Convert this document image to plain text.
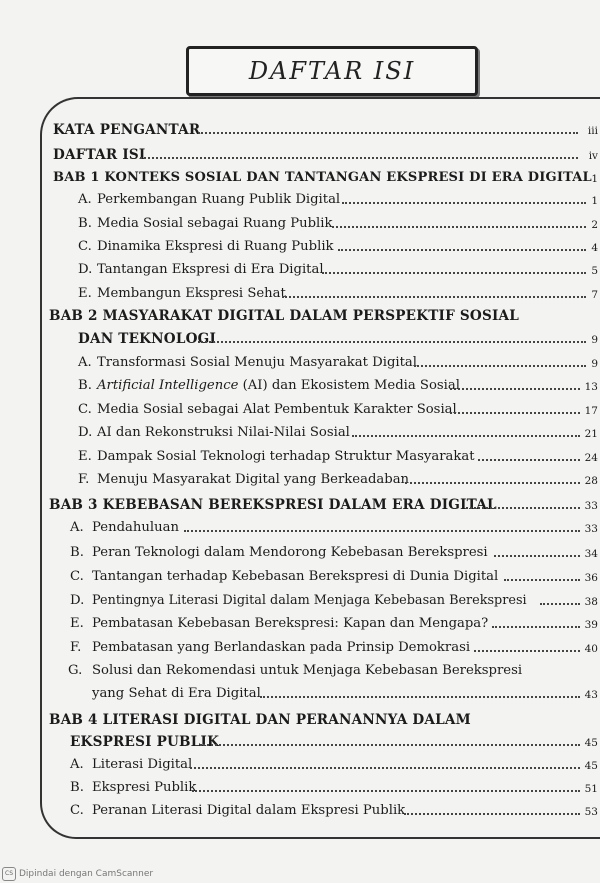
DAFTAR ISI
KATA PENGANTAR	iii
DAFTAR ISI	iv
BAB 1 KONTEKS SOSIAL DAN TANTANGAN EKSPRESI DI ERA DIGITAL 1
A. Perkembangan Ruang Publik Digital	1
B. Media Sosial sebagai Ruang Publik	2
C. Dinamika Ekspresi di Ruang Publik	4
D. Tantangan Ekspresi di Era Digital	5
E. Membangun Ekspresi Sehat	7
BAB 2 MASYARAKAT DIGITAL DALAM PERSPEKTIF SOSIAL
DAN TEKNOLOGI	9
A. Transformasi Sosial Menuju Masyarakat Digital	9
B. Artificial Intelligence (AI) dan Ekosistem Media Sosial	13
C. Media Sosial sebagai Alat Pembentuk Karakter Sosial	17
D. AI dan Rekonstruksi Nilai-Nilai Sosial	21
E. Dampak Sosial Teknologi terhadap Struktur Masyarakat	24
F. Menuju Masyarakat Digital yang Berkeadaban	28
BAB 3 KEBEBASAN BEREKSPRESI DALAM ERA DIGITAL	33
A. Pendahuluan	33
B. Peran Teknologi dalam Mendorong Kebebasan Berekspresi	34
C. Tantangan terhadap Kebebasan Berekspresi di Dunia Digital	36
D. Pentingnya Literasi Digital dalam Menjaga Kebebasan Berekspresi	38
E. Pembatasan Kebebasan Berekspresi: Kapan dan Mengapa?	39
F. Pembatasan yang Berlandaskan pada Prinsip Demokrasi	40
G. Solusi dan Rekomendasi untuk Menjaga Kebebasan Berekspresi
yang Sehat di Era Digital	43
BAB 4 LITERASI DIGITAL DAN PERANANNYA DALAM
EKSPRESI PUBLIK	45
A. Literasi Digital	45
B. Ekspresi Publik	51
C. Peranan Literasi Digital dalam Ekspresi Publik	53
CS Dipindai dengan CamScanner
